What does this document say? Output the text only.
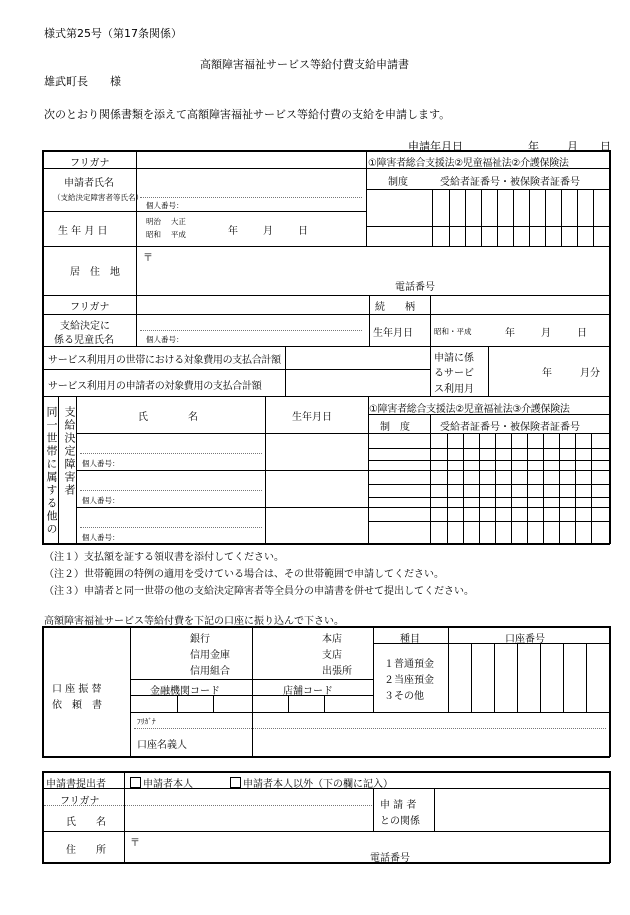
様式第25号（第17条関係）
高額障害福祉サービス等給付費支給申請書
雄武町長　　様
次のとおり関係書類を添えて高額障害福祉サービス等給付費の支給を申請します。
申請年月日	年	月 日
フリガナ	①障害者総合支援法②児童福祉法②介護保険法
申請者氏名
（支給決定障害者等氏名）
制度	受給者証番号・被保険者証番号
個人番号：
生 年 月 日
明治　 大正
昭和　 平成	年	月	日
居　住　地
〒
電話番号
フリガナ	続　　柄
支給決定に
係る児童氏名	個人番号：
生年月日	昭和・平成	年	月	日
サービス利用月の世帯における対象費用の支払合計額
サービス利用月の申請者の対象費用の支払合計額
申請に係
るサービ
ス利用月
年	月分
同一世帯に属する他の 支給決定障害者	氏　　　　名	生年月日
①障害者総合支援法②児童福祉法③介護保険法
制　度	受給者証番号・被保険者証番号
個人番号：
個人番号：
個人番号：
（注１）支払額を証する領収書を添付してください。
（注２）世帯範囲の特例の適用を受けている場合は、その世帯範囲で申請してください。
（注３）申請者と同一世帯の他の支給決定障害者等全員分の申請書を併せて提出してください。
高額障害福祉サービス等給付費を下記の口座に振り込んで下さい。
口 座 振 替
依　頼　書
銀行
信用金庫
信用組合
本店
支店
出張所
種目	口座番号
１普通預金
２当座預金
３その他
金融機関コード	店舗コード
ﾌﾘｶﾞﾅ
口座名義人
申請書提出者	申請者本人	申請者本人以外（下の欄に記入）
フリガナ
氏　　名
申 請 者
との関係
住　　所
〒
電話番号
